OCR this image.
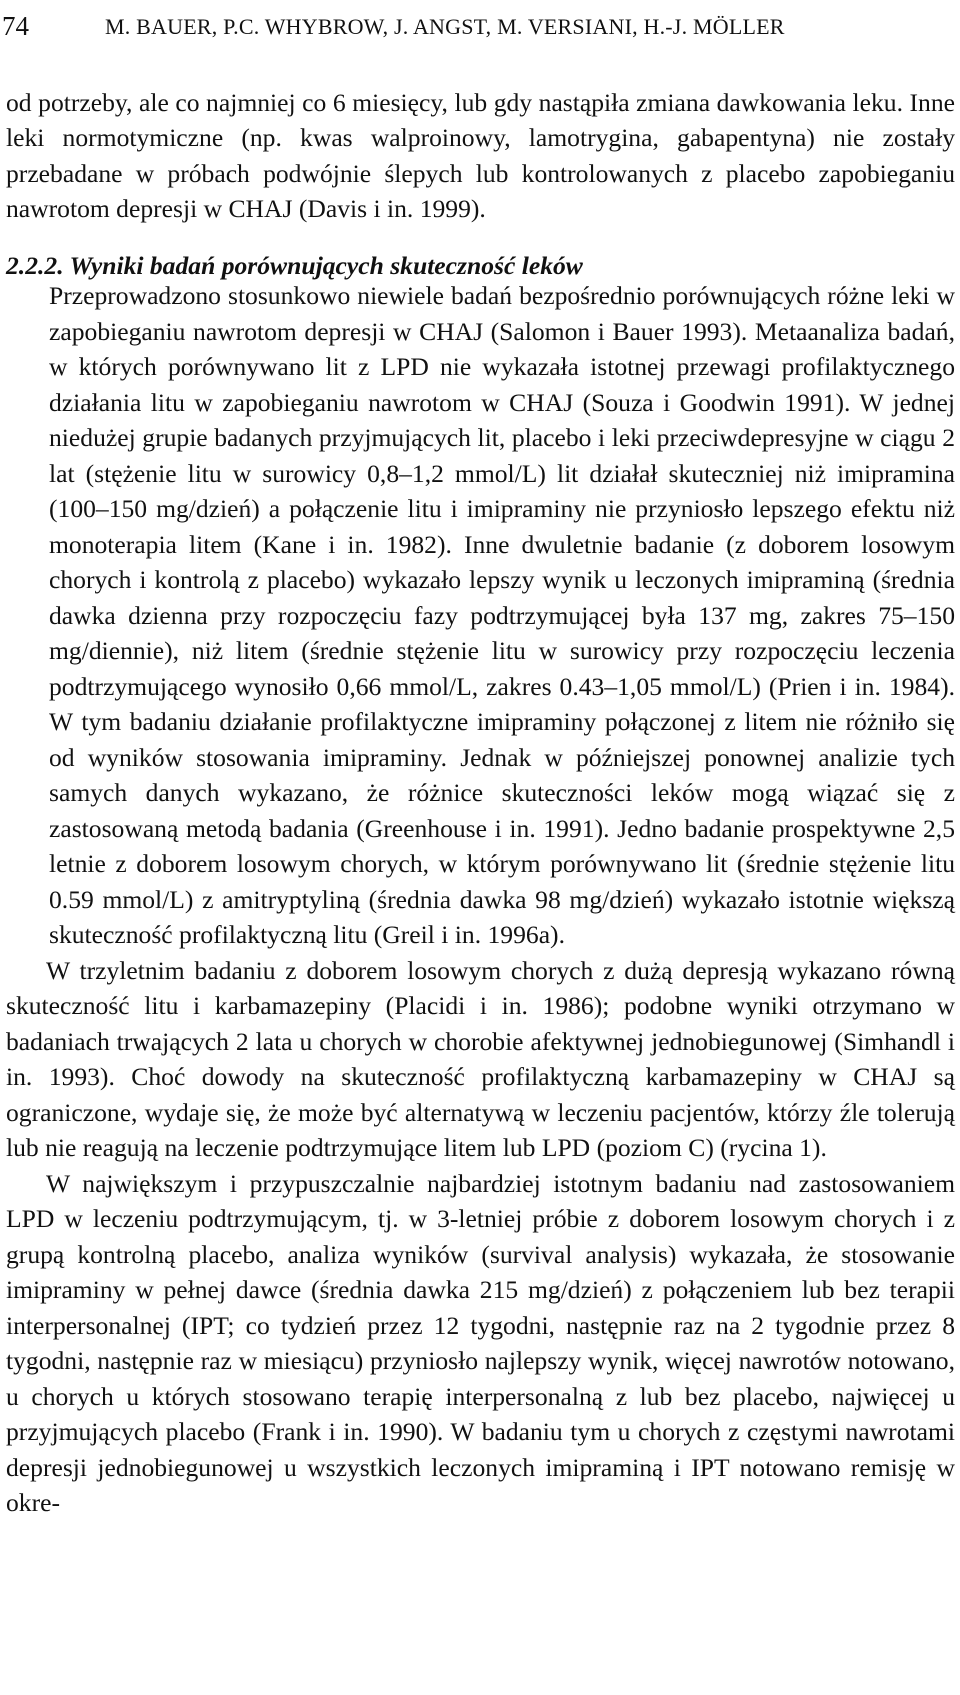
74	M. BAUER, P.C. WHYBROW, J. ANGST, M. VERSIANI, H.-J. MÖLLER

od potrzeby, ale co najmniej co 6 miesięcy, lub gdy nastąpiła zmiana dawkowania leku. Inne leki normotymiczne (np. kwas walproinowy, lamotrygina, gabapentyna) nie zostały przebadane w próbach podwójnie ślepych lub kontrolowanych z placebo zapobieganiu nawrotom depresji w CHAJ (Davis i in. 1999).

2.2.2. Wyniki badań porównujących skuteczność leków

Przeprowadzono stosunkowo niewiele badań bezpośrednio porównujących różne leki w zapobieganiu nawrotom depresji w CHAJ (Salomon i Bauer 1993). Metaanaliza badań, w których porównywano lit z LPD nie wykazała istotnej przewagi profilaktycznego działania litu w zapobieganiu nawrotom w CHAJ (Souza i Goodwin 1991). W jednej niedużej grupie badanych przyjmujących lit, placebo i leki przeciwdepresyjne w ciągu 2 lat (stężenie litu w surowicy 0,8–1,2 mmol/L) lit działał skuteczniej niż imipramina (100–150 mg/dzień) a połączenie litu i imipraminy nie przyniosło lepszego efektu niż monoterapia litem (Kane i in. 1982). Inne dwuletnie badanie (z doborem losowym chorych i kontrolą z placebo) wykazało lepszy wynik u leczonych imipraminą (średnia dawka dzienna przy rozpoczęciu fazy podtrzymującej była 137 mg, zakres 75–150 mg/diennie), niż litem (średnie stężenie litu w surowicy przy rozpoczęciu leczenia podtrzymującego wynosiło 0,66 mmol/L, zakres 0.43–1,05 mmol/L) (Prien i in. 1984). W tym badaniu działanie profilaktyczne imipraminy połączonej z litem nie różniło się od wyników stosowania imipraminy. Jednak w późniejszej ponownej analizie tych samych danych wykazano, że różnice skuteczności leków mogą wiązać się z zastosowaną metodą badania (Greenhouse i in. 1991). Jedno badanie prospektywne 2,5 letnie z doborem losowym chorych, w którym porównywano lit (średnie stężenie litu 0.59 mmol/L) z amitryptyliną (średnia dawka 98 mg/dzień) wykazało istotnie większą skuteczność profilaktyczną litu (Greil i in. 1996a).

W trzyletnim badaniu z doborem losowym chorych z dużą depresją wykazano równą skuteczność litu i karbamazepiny (Placidi i in. 1986); podobne wyniki otrzymano w badaniach trwających 2 lata u chorych w chorobie afektywnej jednobiegunowej (Simhandl i in. 1993). Choć dowody na skuteczność profilaktyczną karbamazepiny w CHAJ są ograniczone, wydaje się, że może być alternatywą w leczeniu pacjentów, którzy źle tolerują lub nie reagują na leczenie podtrzymujące litem lub LPD (poziom C) (rycina 1).

W największym i przypuszczalnie najbardziej istotnym badaniu nad zastosowaniem LPD w leczeniu podtrzymującym, tj. w 3-letniej próbie z doborem losowym chorych i z grupą kontrolną placebo, analiza wyników (survival analysis) wykazała, że stosowanie imipraminy w pełnej dawce (średnia dawka 215 mg/dzień) z połączeniem lub bez terapii interpersonalnej (IPT; co tydzień przez 12 tygodni, następnie raz na 2 tygodnie przez 8 tygodni, następnie raz w miesiącu) przyniosło najlepszy wynik, więcej nawrotów notowano, u chorych u których stosowano terapię interpersonalną z lub bez placebo, najwięcej u przyjmujących placebo (Frank i in. 1990). W badaniu tym u chorych z częstymi nawrotami depresji jednobiegunowej u wszystkich leczonych imipraminą i IPT notowano remisję w okre-
